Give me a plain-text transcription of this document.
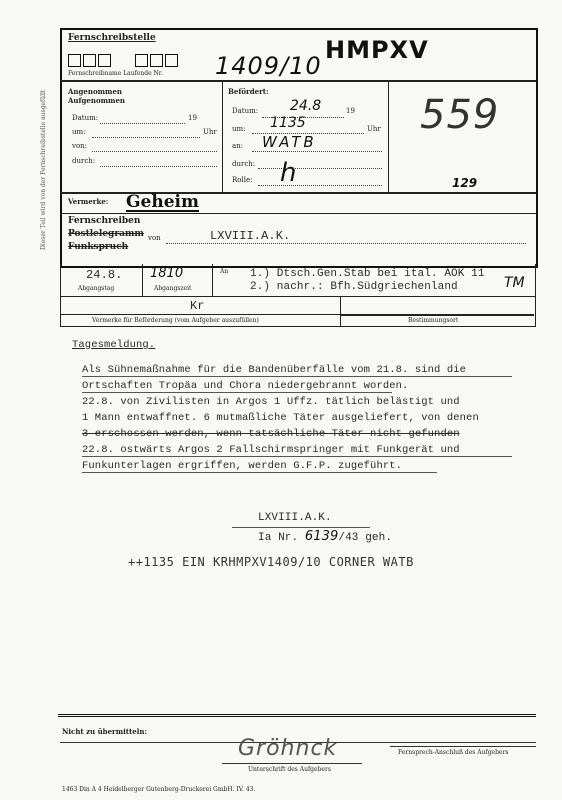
Dieser Teil wird von der Fernschreibstelle ausgefüllt
Fernschreibstelle

Fernschreibname Laufende Nr. 1409/10
HMPXV
Angenommen
Aufgenommen
Datum:	19
um:	Uhr
von:
durch:
Befördert:
Datum: 24.8	19
um: 1135	Uhr
an: WATB
durch:
Rolle: h
559
129
Vermerke: Geheim
Fernschreiben
Postlelegramm
Funkspruch
von	LXVIII.A.K.
24.8.
Abgangstag
1810
Abgangszeit
An 1.) Dtsch.Gen.Stab bei ital. AOK 11
2.) nachr.: Bfh.Südgriechenland	TM
Kr
Vermerke für Beförderung (vom Aufgeber auszufüllen)	Bestimmungsort
Tagesmeldung.
Als Sühnemaßnahme für die Bandenüberfälle vom 21.8. sind die
Ortschaften Tropäa und Chora niedergebrannt worden.
22.8. von Zivilisten in Argos 1 Uffz. tätlich belästigt und
1 Mann entwaffnet. 6 mutmaßliche Täter ausgeliefert, von denen
3 erschossen werden, wenn tatsächliche Täter nicht gefunden
22.8. ostwärts Argos 2 Fallschirmspringer mit Funkgerät und
Funkunterlagen ergriffen, werden G.F.P. zugeführt.
LXVIII.A.K.
Ia Nr. 6139/43 geh.
++1135 EIN KRHMPXV1409/10 CORNER WATB
Nicht zu übermitteln:
Gröhnck
Unterschrift des Aufgebers
Fernsprech-Anschluß des Aufgebers
1463 Din A 4 Heidelberger Gutenberg-Druckerei GmbH. IV. 43.
